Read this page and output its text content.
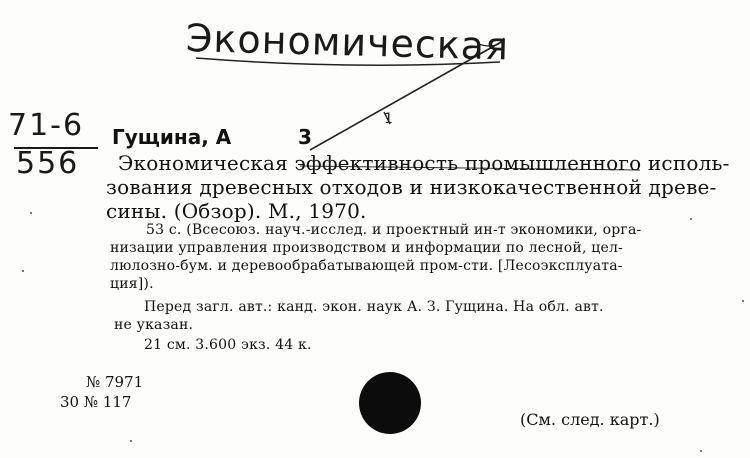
1
Экономическая
71-6
556
Гущина, А	3
Экономическая эффективность промышленного исполь-
зования древесных отходов и низкокачественной древе-
сины. (Обзор). М., 1970.
53 с. (Всесоюз. науч.-исслед. и проектный ин-т экономики, орга-
низации управления производством и информации по лесной, цел-
люлозно-бум. и деревообрабатывающей пром-сти. [Лесоэксплуата-
ция]).
Перед загл. авт.: канд. экон. наук А. З. Гущина. На обл. авт.
не указан.
21 см. 3.600 экз. 44 к.
№ 7971
30 № 117
(См. след. карт.)
